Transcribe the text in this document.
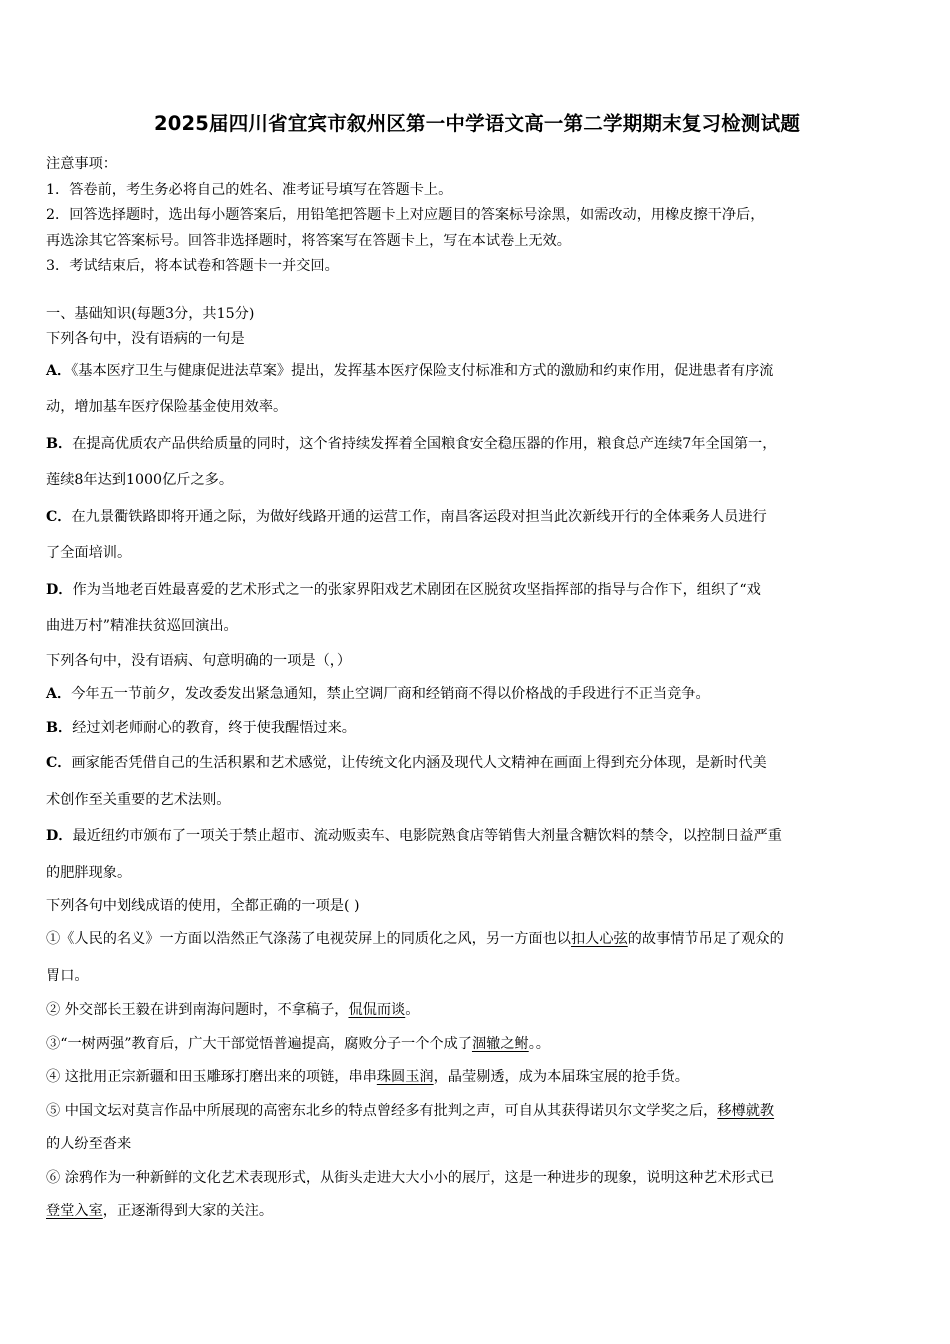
2025届四川省宜宾市叙州区第一中学语文高一第二学期期末复习检测试题

注意事项：

1．答卷前，考生务必将自己的姓名、准考证号填写在答题卡上。

2．回答选择题时，选出每小题答案后，用铅笔把答题卡上对应题目的答案标号涂黑，如需改动，用橡皮擦干净后，

再选涂其它答案标号。回答非选择题时，将答案写在答题卡上，写在本试卷上无效。

3．考试结束后，将本试卷和答题卡一并交回。

一、基础知识(每题3分，共15分)

下列各句中，没有语病的一句是

A．《基本医疗卫生与健康促进法草案》提出，发挥基本医疗保险支付标准和方式的激励和约束作用，促进患者有序流

动，增加基车医疗保险基金使用效率。

B．在提高优质农产品供给质量的同时，这个省持续发挥着全国粮食安全稳压器的作用，粮食总产连续7年全国第一，

莲续8年达到1000亿斤之多。

C．在九景衢铁路即将开通之际，为做好线路开通的运营工作，南昌客运段对担当此次新线开行的全体乘务人员进行

了全面培训。

D．作为当地老百姓最喜爱的艺术形式之一的张家界阳戏艺术剧团在区脱贫攻坚指挥部的指导与合作下，组织了“戏

曲进万村”精准扶贫巡回演出。

下列各句中，没有语病、句意明确的一项是（，）

A．今年五一节前夕，发改委发出紧急通知，禁止空调厂商和经销商不得以价格战的手段进行不正当竞争。

B．经过刘老师耐心的教育，终于使我醒悟过来。

C．画家能否凭借自己的生活积累和艺术感觉，让传统文化内涵及现代人文精神在画面上得到充分体现，是新时代美

术创作至关重要的艺术法则。

D．最近纽约市颁布了一项关于禁止超市、流动贩卖车、电影院熟食店等销售大剂量含糖饮料的禁令，以控制日益严重

的肥胖现象。

下列各句中划线成语的使用，全都正确的一项是( )

①《人民的名义》一方面以浩然正气涤荡了电视荧屏上的同质化之风，另一方面也以扣人心弦的故事情节吊足了观众的

胃口。

② 外交部长王毅在讲到南海问题时，不拿稿子，侃侃而谈。

③“一树两强”教育后，广大干部觉悟普遍提高，腐败分子一个个成了涸辙之鲋。。

④ 这批用正宗新疆和田玉雕琢打磨出来的项链，串串珠圆玉润，晶莹剔透，成为本届珠宝展的抢手货。

⑤ 中国文坛对莫言作品中所展现的高密东北乡的特点曾经多有批判之声，可自从其获得诺贝尔文学奖之后，移樽就教

的人纷至沓来

⑥ 涂鸦作为一种新鲜的文化艺术表现形式，从街头走进大大小小的展厅，这是一种进步的现象，说明这种艺术形式已

登堂入室，正逐渐得到大家的关注。
